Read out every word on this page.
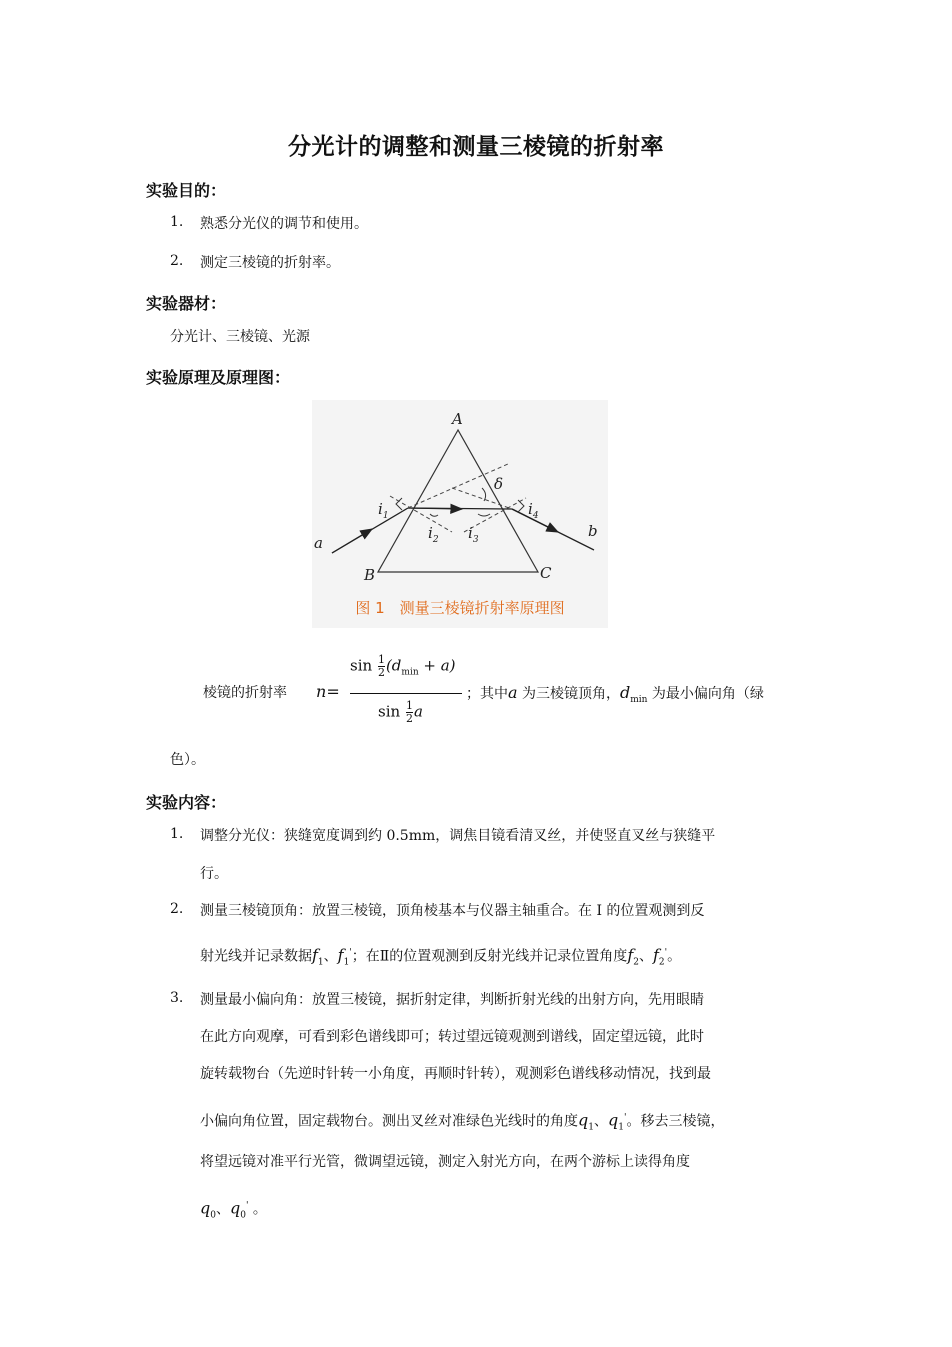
分光计的调整和测量三棱镜的折射率
实验目的：
1. 熟悉分光仪的调节和使用。
2. 测定三棱镜的折射率。
实验器材：
分光计、三棱镜、光源
实验原理及原理图：
A
B	C
a
b
δ
$i_1$
$i_2$ $i_3$
$i_4$
图 1　测量三棱镜折射率原理图
棱镜的折射率 n=
$\sin \frac{1}{2} (d_{min} + a)$
$\sin \frac{1}{2}$ a
；其中a 为三棱镜顶角，$d_{min}$ 为最小偏向角（绿
色）。
实验内容：
1. 调整分光仪：狭缝宽度调到约 0.5mm，调焦目镜看清叉丝，并使竖直叉丝与狭缝平
行。
2. 测量三棱镜顶角：放置三棱镜，顶角棱基本与仪器主轴重合。在 I 的位置观测到反
射光线并记录数据$f_1$、$f_1'$；在Ⅱ的位置观测到反射光线并记录位置角度$f_2$、$f_2'$。
3. 测量最小偏向角：放置三棱镜，据折射定律，判断折射光线的出射方向，先用眼睛
在此方向观摩，可看到彩色谱线即可；转过望远镜观测到谱线，固定望远镜，此时
旋转载物台（先逆时针转一小角度，再顺时针转），观测彩色谱线移动情况，找到最
小偏向角位置，固定载物台。测出叉丝对准绿色光线时的角度$q_1$、$q_1'$。移去三棱镜，
将望远镜对准平行光管，微调望远镜，测定入射光方向，在两个游标上读得角度
$q_0$、$q_0'$ 。
